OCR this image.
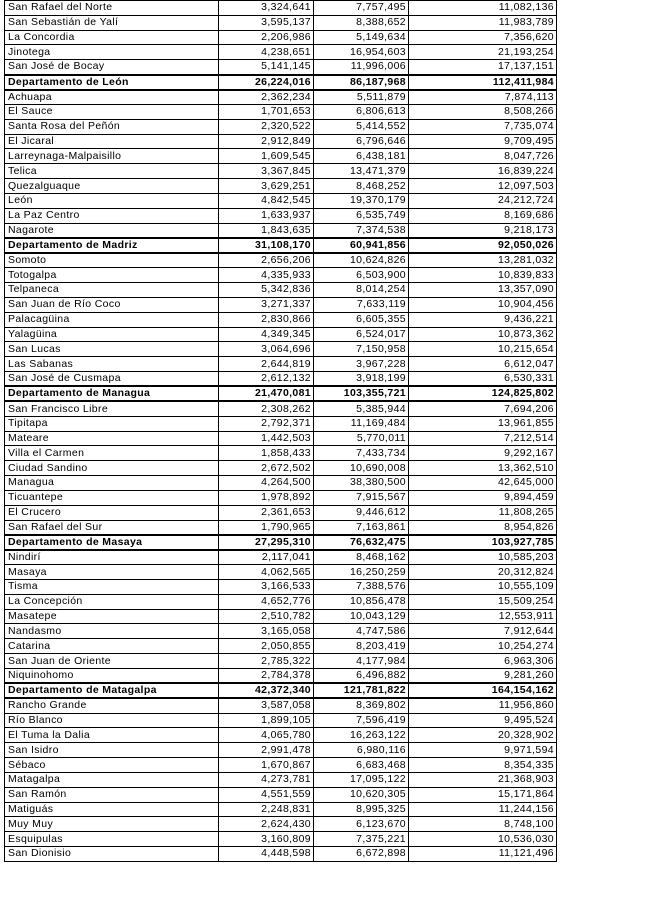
San Rafael del Norte	3,324,641	7,757,495	11,082,136
San Sebastián de Yalí	3,595,137	8,388,652	11,983,789
La Concordia	2,206,986	5,149,634	7,356,620
Jinotega	4,238,651	16,954,603	21,193,254
San José de Bocay	5,141,145	11,996,006	17,137,151
Departamento de León	26,224,016	86,187,968	112,411,984
Achuapa	2,362,234	5,511,879	7,874,113
El Sauce	1,701,653	6,806,613	8,508,266
Santa Rosa del Peñón	2,320,522	5,414,552	7,735,074
El Jicaral	2,912,849	6,796,646	9,709,495
Larreynaga-Malpaisillo	1,609,545	6,438,181	8,047,726
Telica	3,367,845	13,471,379	16,839,224
Quezalguaque	3,629,251	8,468,252	12,097,503
León	4,842,545	19,370,179	24,212,724
La Paz Centro	1,633,937	6,535,749	8,169,686
Nagarote	1,843,635	7,374,538	9,218,173
Departamento de Madriz	31,108,170	60,941,856	92,050,026
Somoto	2,656,206	10,624,826	13,281,032
Totogalpa	4,335,933	6,503,900	10,839,833
Telpaneca	5,342,836	8,014,254	13,357,090
San Juan de Río Coco	3,271,337	7,633,119	10,904,456
Palacagüina	2,830,866	6,605,355	9,436,221
Yalagüina	4,349,345	6,524,017	10,873,362
San Lucas	3,064,696	7,150,958	10,215,654
Las Sabanas	2,644,819	3,967,228	6,612,047
San José de Cusmapa	2,612,132	3,918,199	6,530,331
Departamento de Managua	21,470,081	103,355,721	124,825,802
San Francisco Libre	2,308,262	5,385,944	7,694,206
Tipitapa	2,792,371	11,169,484	13,961,855
Mateare	1,442,503	5,770,011	7,212,514
Villa el Carmen	1,858,433	7,433,734	9,292,167
Ciudad Sandino	2,672,502	10,690,008	13,362,510
Managua	4,264,500	38,380,500	42,645,000
Ticuantepe	1,978,892	7,915,567	9,894,459
El Crucero	2,361,653	9,446,612	11,808,265
San Rafael del Sur	1,790,965	7,163,861	8,954,826
Departamento de Masaya	27,295,310	76,632,475	103,927,785
Nindirí	2,117,041	8,468,162	10,585,203
Masaya	4,062,565	16,250,259	20,312,824
Tisma	3,166,533	7,388,576	10,555,109
La Concepción	4,652,776	10,856,478	15,509,254
Masatepe	2,510,782	10,043,129	12,553,911
Nandasmo	3,165,058	4,747,586	7,912,644
Catarina	2,050,855	8,203,419	10,254,274
San Juan de Oriente	2,785,322	4,177,984	6,963,306
Niquinohomo	2,784,378	6,496,882	9,281,260
Departamento de Matagalpa	42,372,340	121,781,822	164,154,162
Rancho Grande	3,587,058	8,369,802	11,956,860
Río Blanco	1,899,105	7,596,419	9,495,524
El Tuma la Dalia	4,065,780	16,263,122	20,328,902
San Isidro	2,991,478	6,980,116	9,971,594
Sébaco	1,670,867	6,683,468	8,354,335
Matagalpa	4,273,781	17,095,122	21,368,903
San Ramón	4,551,559	10,620,305	15,171,864
Matiguás	2,248,831	8,995,325	11,244,156
Muy Muy	2,624,430	6,123,670	8,748,100
Esquipulas	3,160,809	7,375,221	10,536,030
San Dionisio	4,448,598	6,672,898	11,121,496
